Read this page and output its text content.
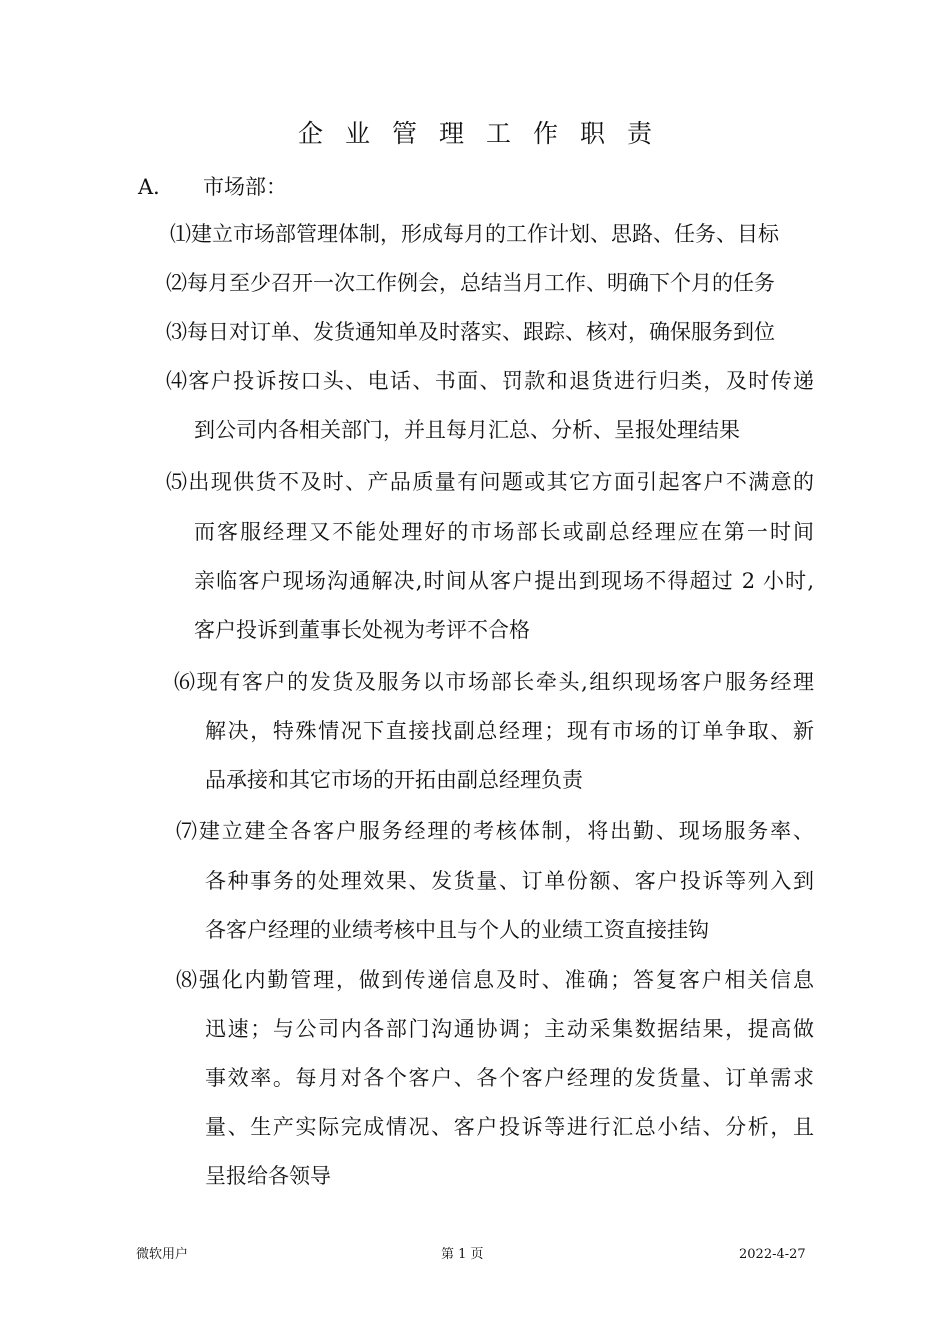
企业管理工作职责
A． 市场部：
⑴建立市场部管理体制，形成每月的工作计划、思路、任务、目标
⑵每月至少召开一次工作例会，总结当月工作、明确下个月的任务
⑶每日对订单、发货通知单及时落实、跟踪、核对，确保服务到位
⑷客户投诉按口头、电话、书面、罚款和退货进行归类，及时传递
到公司内各相关部门，并且每月汇总、分析、呈报处理结果
⑸出现供货不及时、产品质量有问题或其它方面引起客户不满意的
而客服经理又不能处理好的市场部长或副总经理应在第一时间
亲临客户现场沟通解决,时间从客户提出到现场不得超过 2 小时,
客户投诉到董事长处视为考评不合格
⑹现有客户的发货及服务以市场部长牵头,组织现场客户服务经理
解决，特殊情况下直接找副总经理；现有市场的订单争取、新
品承接和其它市场的开拓由副总经理负责
⑺建立建全各客户服务经理的考核体制，将出勤、现场服务率、
各种事务的处理效果、发货量、订单份额、客户投诉等列入到
各客户经理的业绩考核中且与个人的业绩工资直接挂钩
⑻强化内勤管理，做到传递信息及时、准确；答复客户相关信息
迅速；与公司内各部门沟通协调；主动采集数据结果，提高做
事效率。每月对各个客户、各个客户经理的发货量、订单需求
量、生产实际完成情况、客户投诉等进行汇总小结、分析，且
呈报给各领导
微软用户	第 1 页	2022-4-27
